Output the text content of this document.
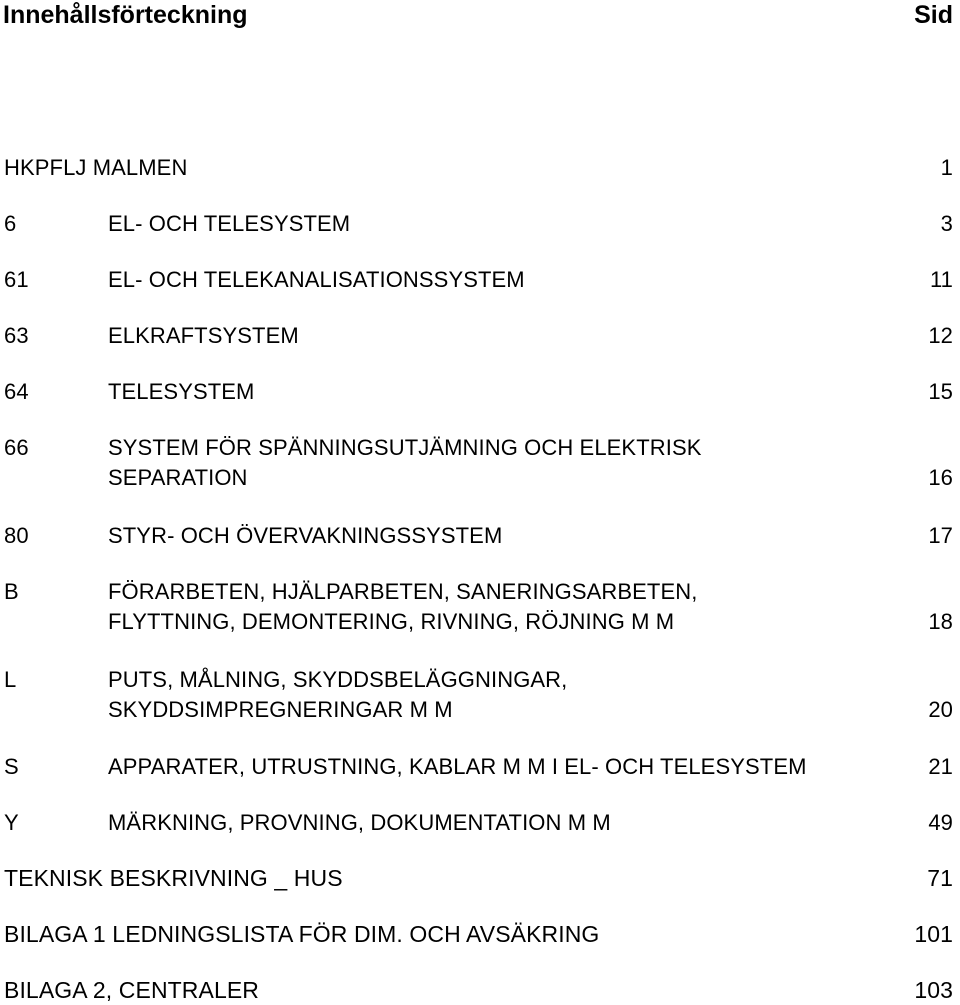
Innehållsförteckning	Sid
HKPFLJ MALMEN	1
6	EL- OCH TELESYSTEM	3
61	EL- OCH TELEKANALISATIONSSYSTEM	11
63	ELKRAFTSYSTEM	12
64	TELESYSTEM	15
66	SYSTEM FÖR SPÄNNINGSUTJÄMNING OCH ELEKTRISK
SEPARATION	16
80	STYR- OCH ÖVERVAKNINGSSYSTEM	17
B	FÖRARBETEN, HJÄLPARBETEN, SANERINGSARBETEN,
FLYTTNING, DEMONTERING, RIVNING, RÖJNING M M	18
L	PUTS, MÅLNING, SKYDDSBELÄGGNINGAR,
SKYDDSIMPREGNERINGAR M M	20
S	APPARATER, UTRUSTNING, KABLAR M M I EL- OCH TELESYSTEM	21
Y	MÄRKNING, PROVNING, DOKUMENTATION M M	49
TEKNISK BESKRIVNING _ HUS	71
BILAGA 1 LEDNINGSLISTA FÖR DIM. OCH AVSÄKRING	101
BILAGA 2, CENTRALER	103
